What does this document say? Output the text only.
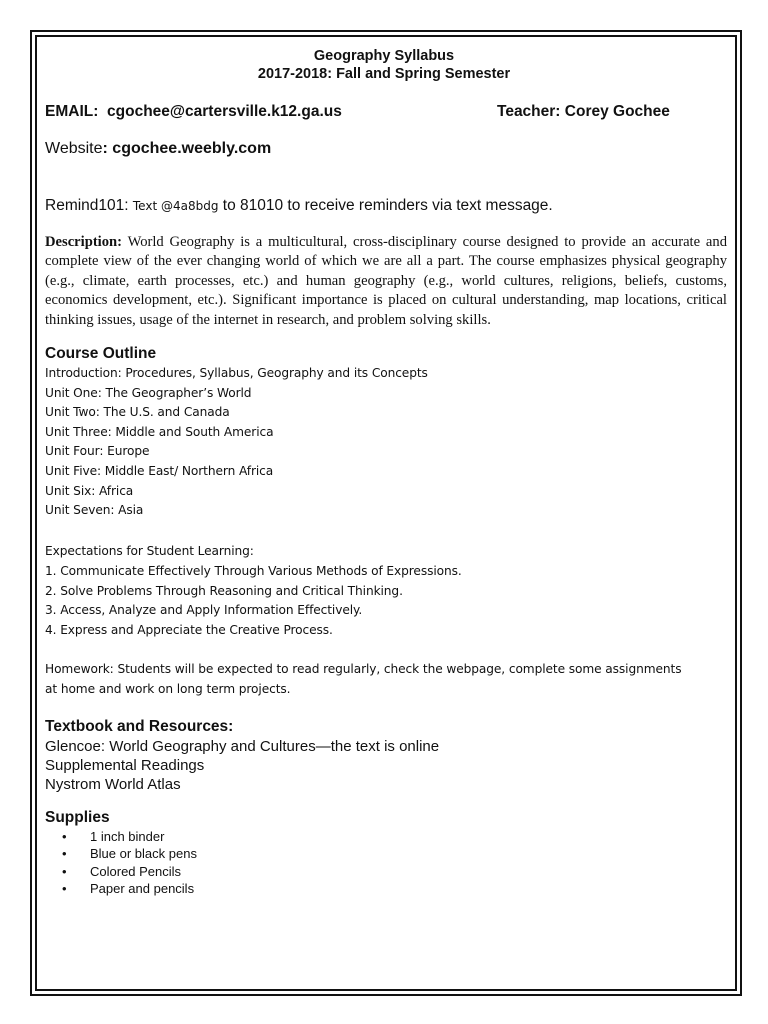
Geography Syllabus
2017-2018: Fall and Spring Semester
EMAIL: cgochee@cartersville.k12.ga.us	Teacher: Corey Gochee
Website: cgochee.weebly.com
Remind101: Text @4a8bdg to 81010 to receive reminders via text message.
Description: World Geography is a multicultural, cross-disciplinary course designed to provide an accurate and complete view of the ever changing world of which we are all a part. The course emphasizes physical geography (e.g., climate, earth processes, etc.) and human geography (e.g., world cultures, religions, beliefs, customs, economics development, etc.). Significant importance is placed on cultural understanding, map locations, critical thinking issues, usage of the internet in research, and problem solving skills.
Course Outline
Introduction: Procedures, Syllabus, Geography and its Concepts
Unit One: The Geographer’s World
Unit Two: The U.S. and Canada
Unit Three: Middle and South America
Unit Four: Europe
Unit Five: Middle East/ Northern Africa
Unit Six: Africa
Unit Seven: Asia
Expectations for Student Learning:
1. Communicate Effectively Through Various Methods of Expressions.
2. Solve Problems Through Reasoning and Critical Thinking.
3. Access, Analyze and Apply Information Effectively.
4. Express and Appreciate the Creative Process.
Homework: Students will be expected to read regularly, check the webpage, complete some assignments
at home and work on long term projects.
Textbook and Resources:
Glencoe: World Geography and Cultures—the text is online
Supplemental Readings
Nystrom World Atlas
Supplies
• 1 inch binder
• Blue or black pens
• Colored Pencils
• Paper and pencils
